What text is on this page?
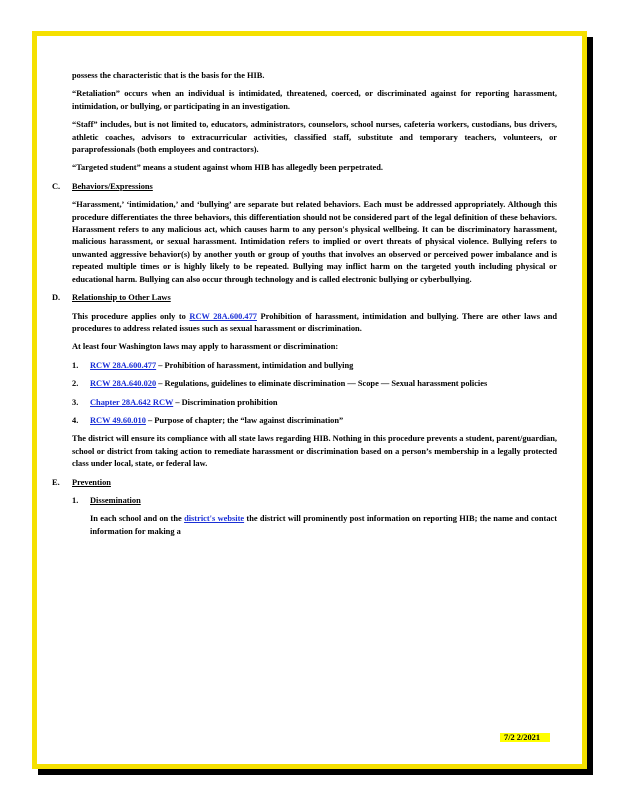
possess the characteristic that is the basis for the HIB.

“Retaliation” occurs when an individual is intimidated, threatened, coerced, or discriminated against for reporting harassment, intimidation, or bullying, or participating in an investigation.

“Staff” includes, but is not limited to, educators, administrators, counselors, school nurses, cafeteria workers, custodians, bus drivers, athletic coaches, advisors to extracurricular activities, classified staff, substitute and temporary teachers, volunteers, or paraprofessionals (both employees and contractors).

“Targeted student” means a student against whom HIB has allegedly been perpetrated.

C.	Behaviors/Expressions

“Harassment,’ ‘intimidation,’ and ‘bullying’ are separate but related behaviors. Each must be addressed appropriately. Although this procedure differentiates the three behaviors, this differentiation should not be considered part of the legal definition of these behaviors. Harassment refers to any malicious act, which causes harm to any person's physical wellbeing. It can be discriminatory harassment, malicious harassment, or sexual harassment. Intimidation refers to implied or overt threats of physical violence. Bullying refers to unwanted aggressive behavior(s) by another youth or group of youths that involves an observed or perceived power imbalance and is repeated multiple times or is highly likely to be repeated. Bullying may inflict harm on the targeted youth including physical or educational harm. Bullying can also occur through technology and is called electronic bullying or cyberbullying.

D.	Relationship to Other Laws

This procedure applies only to RCW 28A.600.477 Prohibition of harassment, intimidation and bullying. There are other laws and procedures to address related issues such as sexual harassment or discrimination.

At least four Washington laws may apply to harassment or discrimination:

1.	RCW 28A.600.477 – Prohibition of harassment, intimidation and bullying
2.	RCW 28A.640.020 – Regulations, guidelines to eliminate discrimination — Scope — Sexual harassment policies
3.	Chapter 28A.642 RCW – Discrimination prohibition
4.	RCW 49.60.010 – Purpose of chapter; the “law against discrimination”

The district will ensure its compliance with all state laws regarding HIB. Nothing in this procedure prevents a student, parent/guardian, school or district from taking action to remediate harassment or discrimination based on a person’s membership in a legally protected class under local, state, or federal law.

E.	Prevention
1.	Dissemination

In each school and on the district's website the district will prominently post information on reporting HIB; the name and contact information for making a

7/2 2/2021
